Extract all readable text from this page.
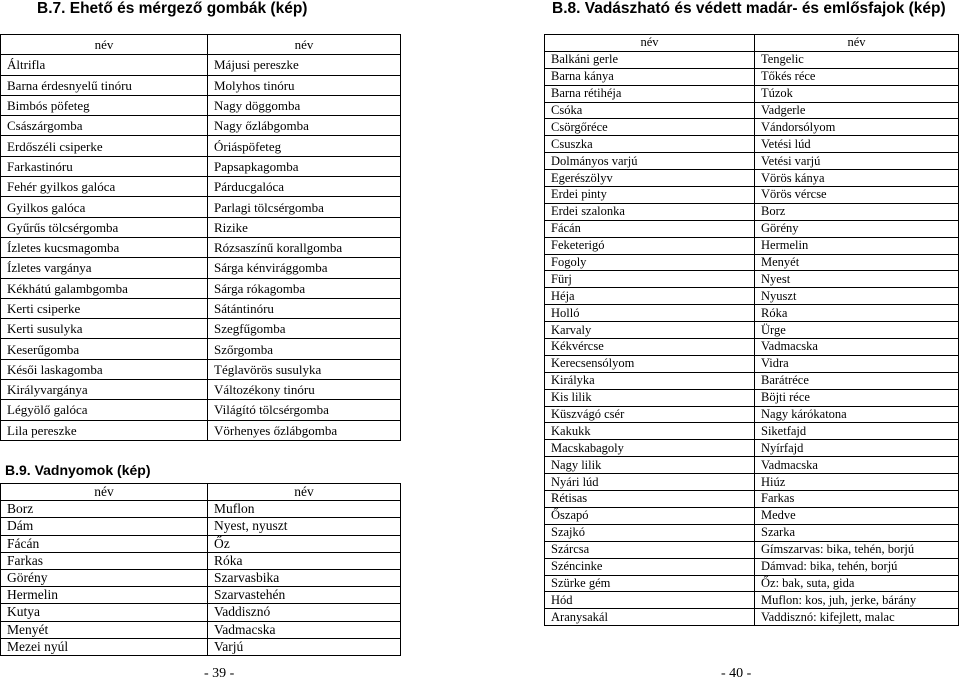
B.7. Ehető és mérgező gombák (kép)	B.8. Vadászható és védett madár- és emlősfajok (kép)
név	név
Áltrifla	Májusi pereszke
Barna érdesnyelű tinóru	Molyhos tinóru
Bimbós pöfeteg	Nagy döggomba
Császárgomba	Nagy őzlábgomba
Erdőszéli csiperke	Óriáspöfeteg
Farkastinóru	Papsapkagomba
Fehér gyilkos galóca	Párducgalóca
Gyilkos galóca	Parlagi tölcsérgomba
Gyűrűs tölcsérgomba	Rizike
Ízletes kucsmagomba	Rózsaszínű korallgomba
Ízletes vargánya	Sárga kénvirággomba
Kékhátú galambgomba	Sárga rókagomba
Kerti csiperke	Sátántinóru
Kerti susulyka	Szegfűgomba
Keserűgomba	Szőrgomba
Késői laskagomba	Téglavörös susulyka
Királyvargánya	Változékony tinóru
Légyölő galóca	Világító tölcsérgomba
Lila pereszke	Vörhenyes őzlábgomba
B.9. Vadnyomok (kép)
név	név
Borz	Muflon
Dám	Nyest, nyuszt
Fácán	Őz
Farkas	Róka
Görény	Szarvasbika
Hermelin	Szarvastehén
Kutya	Vaddisznó
Menyét	Vadmacska
Mezei nyúl	Varjú
név	név
Balkáni gerle	Tengelic
Barna kánya	Tőkés réce
Barna rétihéja	Túzok
Csóka	Vadgerle
Csörgőréce	Vándorsólyom
Csuszka	Vetési lúd
Dolmányos varjú	Vetési varjú
Egerészölyv	Vörös kánya
Erdei pinty	Vörös vércse
Erdei szalonka	Borz
Fácán	Görény
Feketerigó	Hermelin
Fogoly	Menyét
Fürj	Nyest
Héja	Nyuszt
Holló	Róka
Karvaly	Ürge
Kékvércse	Vadmacska
Kerecsensólyom	Vidra
Királyka	Barátréce
Kis lilik	Böjti réce
Küszvágó csér	Nagy kárókatona
Kakukk	Siketfajd
Macskabagoly	Nyírfajd
Nagy lilik	Vadmacska
Nyári lúd	Hiúz
Rétisas	Farkas
Őszapó	Medve
Szajkó	Szarka
Szárcsa	Gímszarvas: bika, tehén, borjú
Széncinke	Dámvad: bika, tehén, borjú
Szürke gém	Őz: bak, suta, gida
Hód	Muflon: kos, juh, jerke, bárány
Aranysakál	Vaddisznó: kifejlett, malac
- 39 -	- 40 -
